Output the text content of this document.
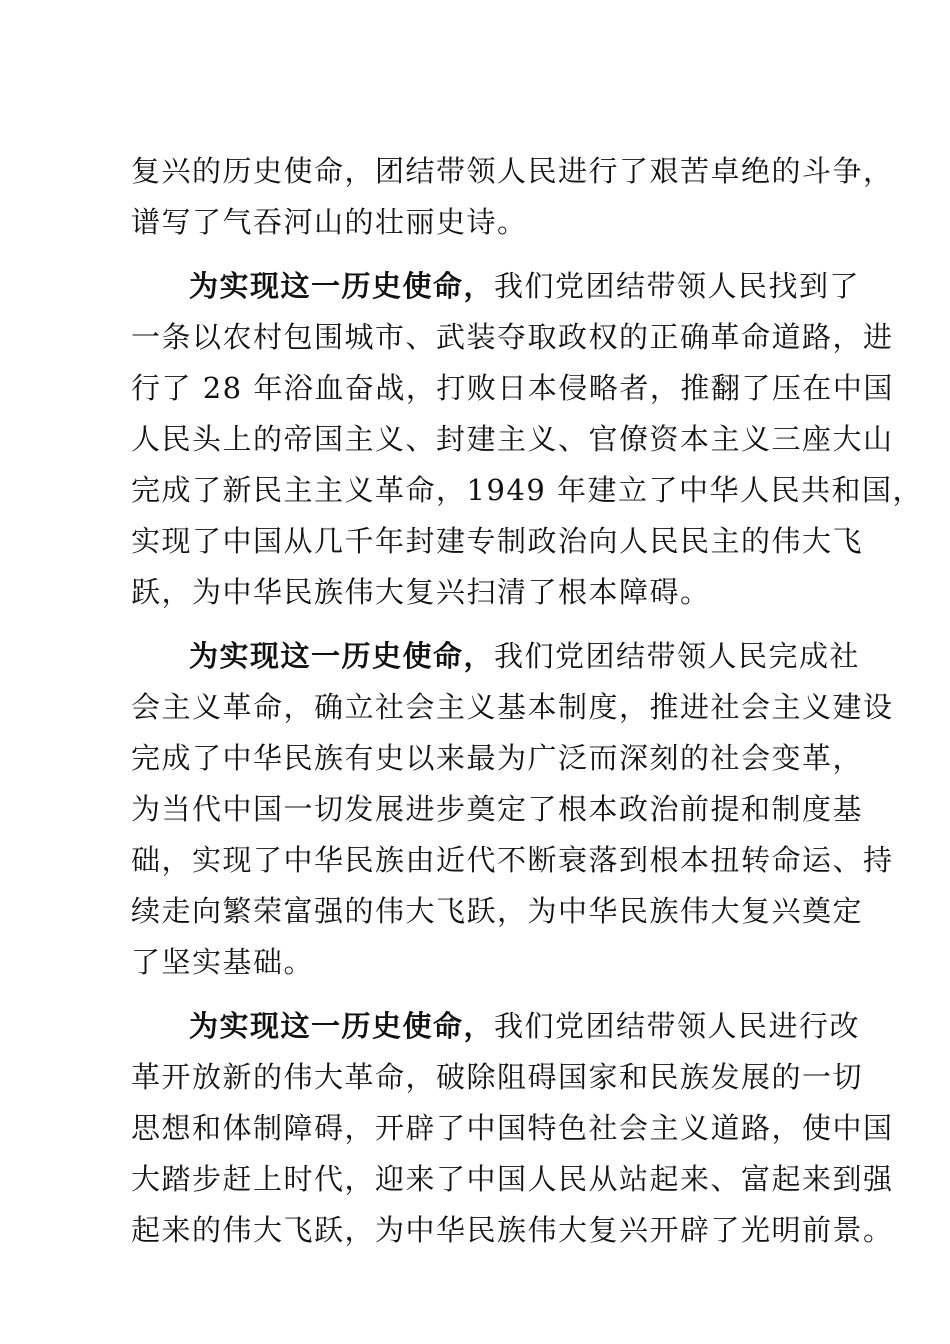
复兴的历史使命，团结带领人民进行了艰苦卓绝的斗争，
谱写了气吞河山的壮丽史诗。
为实现这一历史使命，我们党团结带领人民找到了
一条以农村包围城市、武装夺取政权的正确革命道路，进
行了 28 年浴血奋战，打败日本侵略者，推翻了压在中国
人民头上的帝国主义、封建主义、官僚资本主义三座大山
完成了新民主主义革命，1949 年建立了中华人民共和国，
实现了中国从几千年封建专制政治向人民民主的伟大飞
跃，为中华民族伟大复兴扫清了根本障碍。
为实现这一历史使命，我们党团结带领人民完成社
会主义革命，确立社会主义基本制度，推进社会主义建设
完成了中华民族有史以来最为广泛而深刻的社会变革，
为当代中国一切发展进步奠定了根本政治前提和制度基
础，实现了中华民族由近代不断衰落到根本扭转命运、持
续走向繁荣富强的伟大飞跃，为中华民族伟大复兴奠定
了坚实基础。
为实现这一历史使命，我们党团结带领人民进行改
革开放新的伟大革命，破除阻碍国家和民族发展的一切
思想和体制障碍，开辟了中国特色社会主义道路，使中国
大踏步赶上时代，迎来了中国人民从站起来、富起来到强
起来的伟大飞跃，为中华民族伟大复兴开辟了光明前景。
